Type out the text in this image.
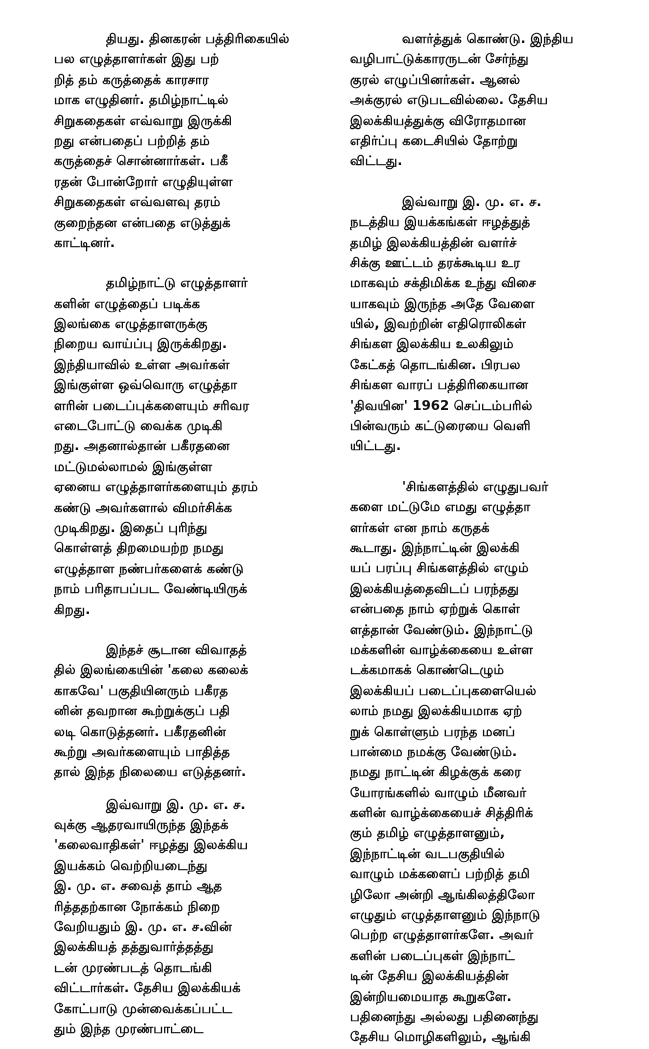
தியது. தினகரன் பத்திரிகையில்
பல எழுத்தாளர்கள் இது பற்
றித் தம் கருத்தைக் காரசார
மாக எழுதினர். தமிழ்நாட்டில்
சிறுகதைகள் எவ்வாறு இருக்கி
றது என்பதைப் பற்றித் தம்
கருத்தைச் சொன்னார்கள். பகீ
ரதன் போன்றோர் எழுதியுள்ள
சிறுகதைகள் எவ்வளவு தரம்
குறைந்தன என்பதை எடுத்துக்
காட்டினர்.
தமிழ்நாட்டு எழுத்தாளர்
களின் எழுத்தைப் படிக்க
இலங்கை எழுத்தாளருக்கு
நிறைய வாய்ப்பு இருக்கிறது.
இந்தியாவில் உள்ள அவர்கள்
இங்குள்ள ஒவ்வொரு எழுத்தா
ளரின் படைப்புக்களையும் சரிவர
எடைபோட்டு வைக்க முடிகி
றது. அதனால்தான் பகீரதனை
மட்டுமல்லாமல் இங்குள்ள
ஏனைய எழுத்தாளர்களையும் தரம்
கண்டு அவர்களால் விமர்சிக்க
முடிகிறது. இதைப் புரிந்து
கொள்ளத் திறமையற்ற நமது
எழுத்தாள நண்பர்களைக் கண்டு
நாம் பரிதாபப்பட வேண்டியிருக்
கிறது.
இந்தச் சூடான விவாதத்
தில் இலங்கையின் 'கலை கலைக்
காகவே' பகுதியினரும் பகீரத
னின் தவறான கூற்றுக்குப் பதி
லடி கொடுத்தனர். பகீரதனின்
கூற்று அவர்களையும் பாதித்த
தால் இந்த நிலையை எடுத்தனர்.
இவ்வாறு இ. மு. எ. ச.
வுக்கு ஆதரவாயிருந்த இந்தக்
'கலைவாதிகள்' ஈழத்து இலக்கிய
இயக்கம் வெற்றியடைந்து
இ. மு. எ. சவைத் தாம் ஆத
ரித்ததற்கான நோக்கம் நிறை
வேறியதும் இ. மு. எ. ச.வின்
இலக்கியத் தத்துவார்த்தத்து
டன் முரண்படத் தொடங்கி
விட்டார்கள். தேசிய இலக்கியக்
கோட்பாடு முன்வைக்கப்பட்ட
தும் இந்த முரண்பாட்டை
வளர்த்துக் கொண்டு. இந்திய
வழிபாட்டுக்காரருடன் சேர்ந்து
குரல் எழுப்பினர்கள். ஆனல்
அக்குரல் எடுபடவில்லை. தேசிய
இலக்கியத்துக்கு விரோதமான
எதிர்ப்பு கடைசியில் தோற்று
விட்டது.
இவ்வாறு இ. மு. எ. ச.
நடத்திய இயக்கங்கள் ஈழத்துத்
தமிழ் இலக்கியத்தின் வளர்ச்
சிக்கு ஊட்டம் தரக்கூடிய உர
மாகவும் சக்திமிக்க உந்து விசை
யாகவும் இருந்த அதே வேளை
யில், இவற்றின் எதிரொலிகள்
சிங்கள இலக்கிய உலகிலும்
கேட்கத் தொடங்கின. பிரபல
சிங்கள வாரப் பத்திரிகையான
'திவயின' 1962 செப்டம்பரில்
பின்வரும் கட்டுரையை வெளி
யிட்டது.
'சிங்களத்தில் எழுதுபவர்
களை மட்டுமே எமது எழுத்தா
ளர்கள் என நாம் கருதக்
கூடாது. இந்நாட்டின் இலக்கி
யப் பரப்பு சிங்களத்தில் எழும்
இலக்கியத்தைவிடப் பரந்தது
என்பதை நாம் ஏற்றுக் கொள்
ளத்தான் வேண்டும். இந்நாட்டு
மக்களின் வாழ்க்கையை உள்ள
டக்கமாகக் கொண்டெழும்
இலக்கியப் படைப்புகளையெல்
லாம் நமது இலக்கியமாக ஏற்
றுக் கொள்ளும் பரந்த மனப்
பான்மை நமக்கு வேண்டும்.
நமது நாட்டின் கிழக்குக் கரை
யோரங்களில் வாழும் மீனவர்
களின் வாழ்க்கையைச் சித்திரிக்
கும் தமிழ் எழுத்தாளனும்,
இந்நாட்டின் வடபகுதியில்
வாழும் மக்களைப் பற்றித் தமி
ழிலோ அன்றி ஆங்கிலத்திலோ
எழுதும் எழுத்தாளனும் இந்நாடு
பெற்ற எழுத்தாளர்களே. அவர்
களின் படைப்புகள் இந்நாட்
டின் தேசிய இலக்கியத்தின்
இன்றியமையாத கூறுகளே.
பதினைந்து அல்லது பதினைந்து
தேசிய மொழிகளிலும், ஆங்கி
